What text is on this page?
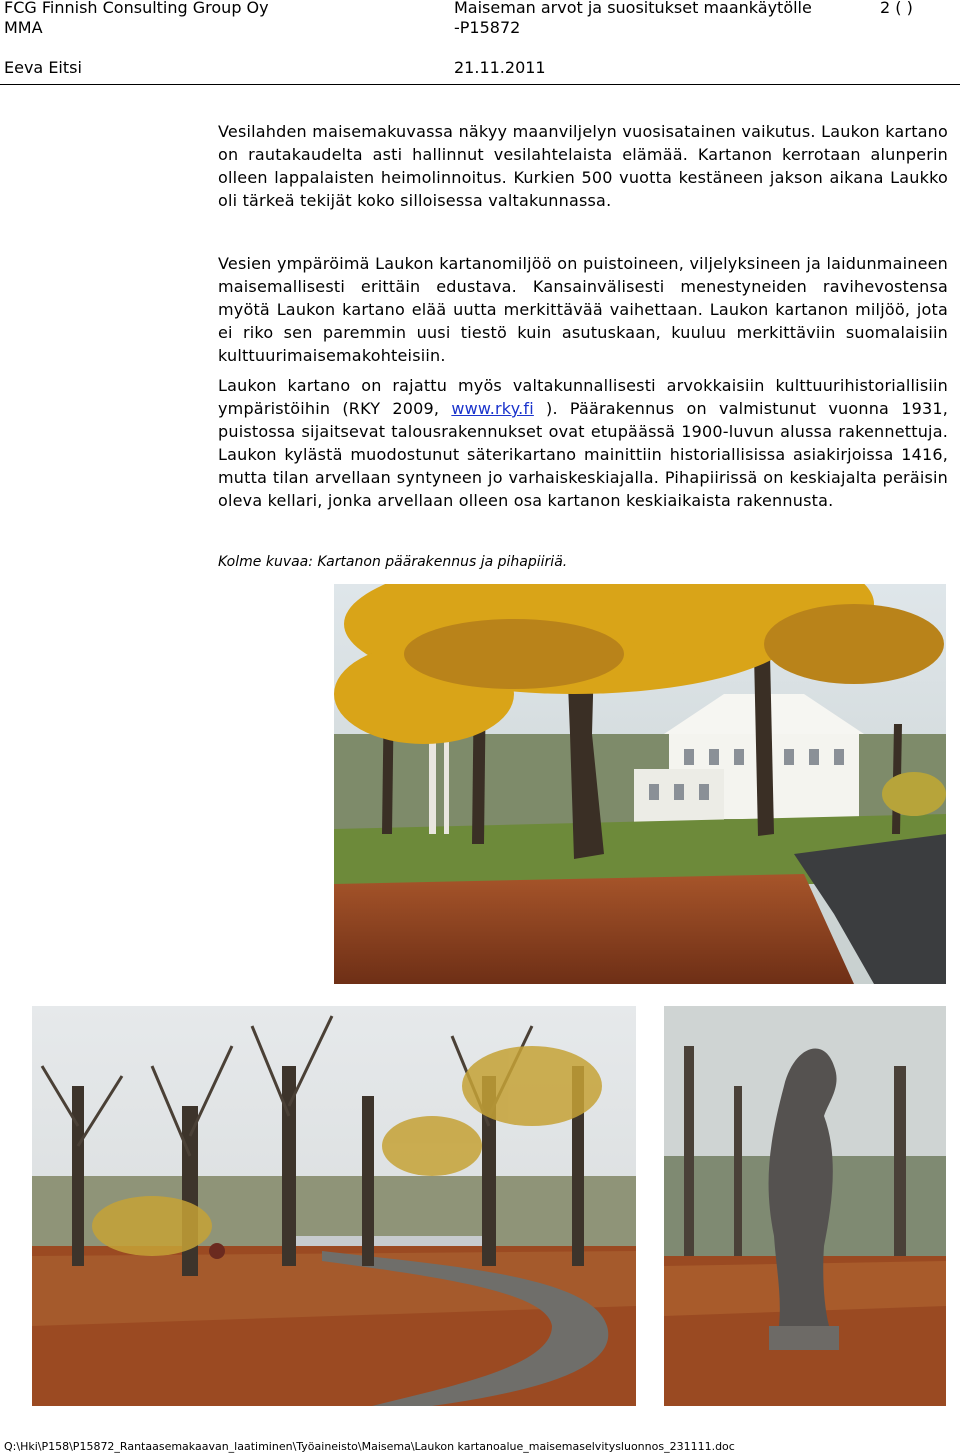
FCG Finnish Consulting Group Oy
MMA
Maiseman arvot ja suositukset maankäytölle
-P15872
2 ( )
Eeva Eitsi	21.11.2011

Vesilahden maisemakuvassa näkyy maanviljelyn vuosisatainen vaikutus. Laukon kartano on rautakaudelta asti hallinnut vesilahtelaista elämää. Kartanon kerrotaan alunperin olleen lappalaisten heimolinnoitus. Kurkien 500 vuotta kestäneen jakson aikana Laukko oli tärkeä tekijät koko silloisessa valtakunnassa.

Vesien ympäröimä Laukon kartanomiljöö on puistoineen, viljelyksineen ja laidunmaineen maisemallisesti erittäin edustava. Kansainvälisesti menestyneiden ravihevostensa myötä Laukon kartano elää uutta merkittävää vaihettaan. Laukon kartanon miljöö, jota ei riko sen paremmin uusi tiestö kuin asutuskaan, kuuluu merkittäviin suomalaisiin kulttuurimaisemakohteisiin.

Laukon kartano on rajattu myös valtakunnallisesti arvokkaisiin kulttuurihistoriallisiin ympäristöihin (RKY 2009, www.rky.fi ). Päärakennus on valmistunut vuonna 1931, puistossa sijaitsevat talousrakennukset ovat etupäässä 1900-luvun alussa rakennettuja. Laukon kylästä muodostunut säterikartano mainittiin historiallisissa asiakirjoissa 1416, mutta tilan arvellaan syntyneen jo varhaiskeskiajalla. Pihapiirissä on keskiajalta peräisin oleva kellari, jonka arvellaan olleen osa kartanon keskiaikaista rakennusta.

Kolme kuvaa: Kartanon päärakennus ja pihapiiriä.
Q:\Hki\P158\P15872_Rantaasemakaavan_laatiminen\Työaineisto\Maisema\Laukon kartanoalue_maisemaselvitysluonnos_231111.doc
